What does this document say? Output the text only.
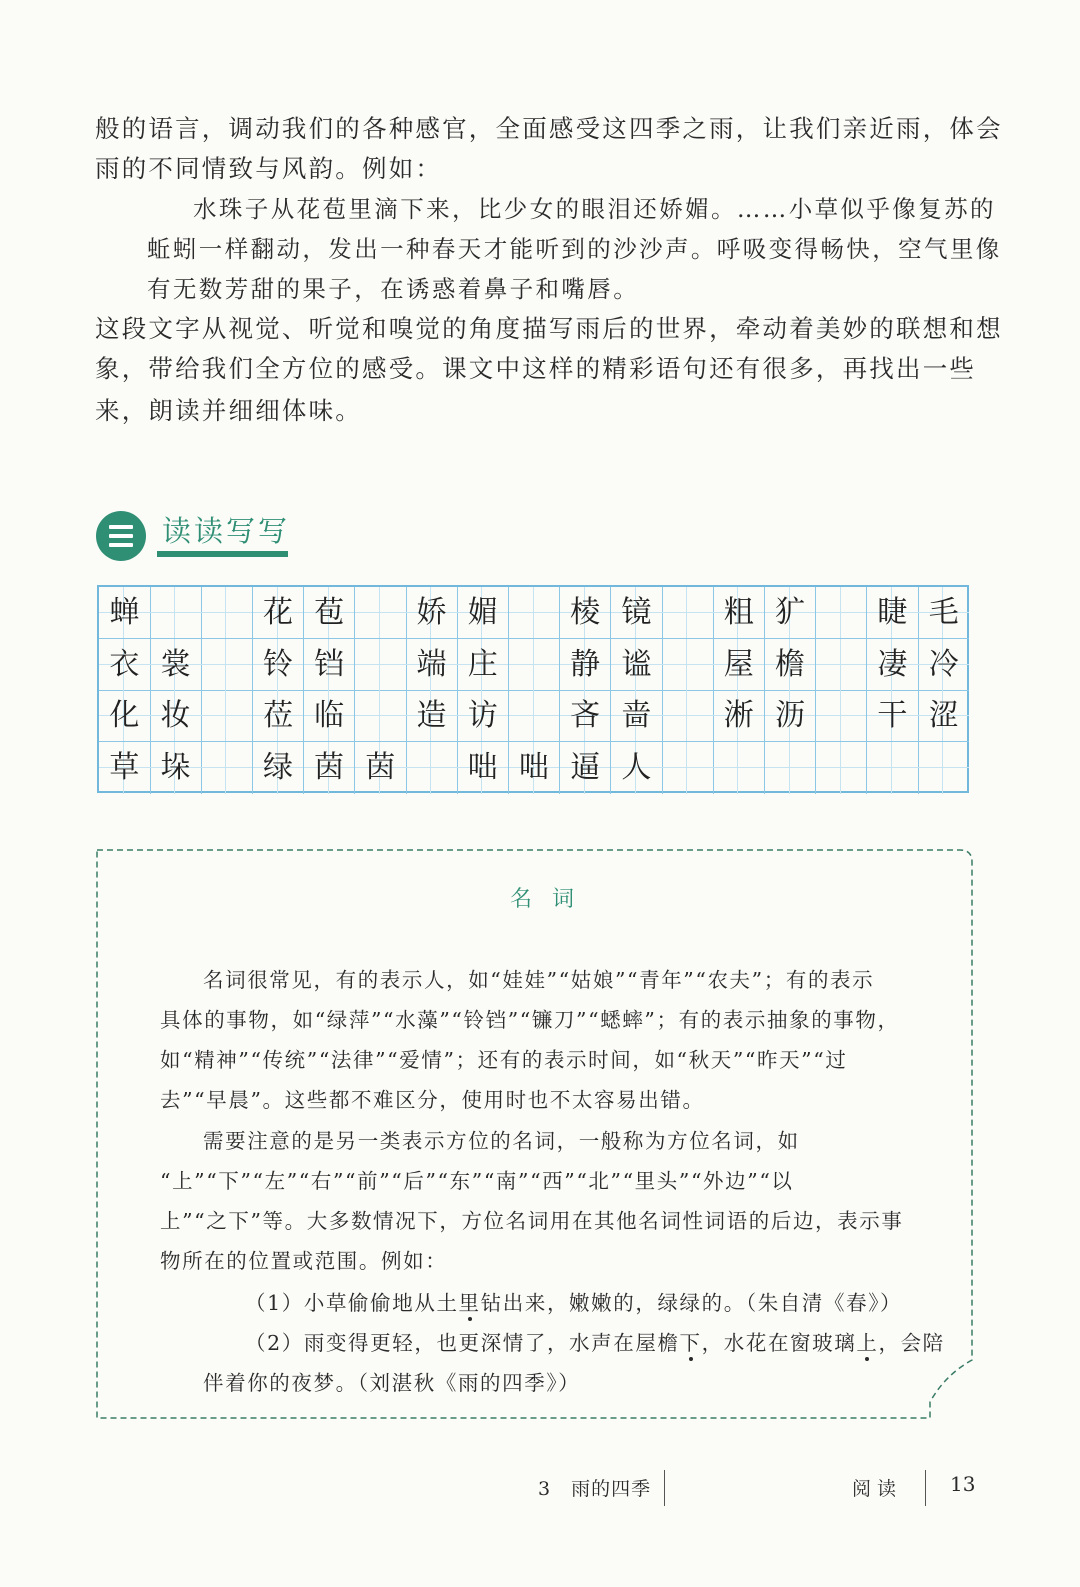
般的语言，调动我们的各种感官，全面感受这四季之雨，让我们亲近雨，体会

雨的不同情致与风韵。例如：

水珠子从花苞里滴下来，比少女的眼泪还娇媚。……小草似乎像复苏的

蚯蚓一样翻动，发出一种春天才能听到的沙沙声。呼吸变得畅快，空气里像

有无数芳甜的果子，在诱惑着鼻子和嘴唇。

这段文字从视觉、听觉和嗅觉的角度描写雨后的世界，牵动着美妙的联想和想

象，带给我们全方位的感受。课文中这样的精彩语句还有很多，再找出一些

来，朗读并细细体味。

读读写写
蝉	花 苞	娇 媚	棱 镜	粗 犷	睫 毛
衣 裳	铃 铛	端 庄	静 谧	屋 檐	凄 冷
化 妆	莅 临	造 访	吝 啬	淅 沥	干 涩
草 垛	绿 茵 茵	咄 咄 逼 人
名词

名词很常见，有的表示人，如“娃娃”“姑娘”“青年”“农夫”；有的表示

具体的事物，如“绿萍”“水藻”“铃铛”“镰刀”“蟋蟀”；有的表示抽象的事物，

如“精神”“传统”“法律”“爱情”；还有的表示时间，如“秋天”“昨天”“过

去”“早晨”。这些都不难区分，使用时也不太容易出错。

需要注意的是另一类表示方位的名词，一般称为方位名词，如

“上”“下”“左”“右”“前”“后”“东”“南”“西”“北”“里头”“外边”“以

上”“之下”等。大多数情况下，方位名词用在其他名词性词语的后边，表示事

物所在的位置或范围。例如：

（1）小草偷偷地从土里钻出来，嫩嫩的，绿绿的。（朱自清《春》）

（2）雨变得更轻，也更深情了，水声在屋檐下，水花在窗玻璃上，会陪

伴着你的夜梦。（刘湛秋《雨的四季》）

3　雨的四季	阅读 13
